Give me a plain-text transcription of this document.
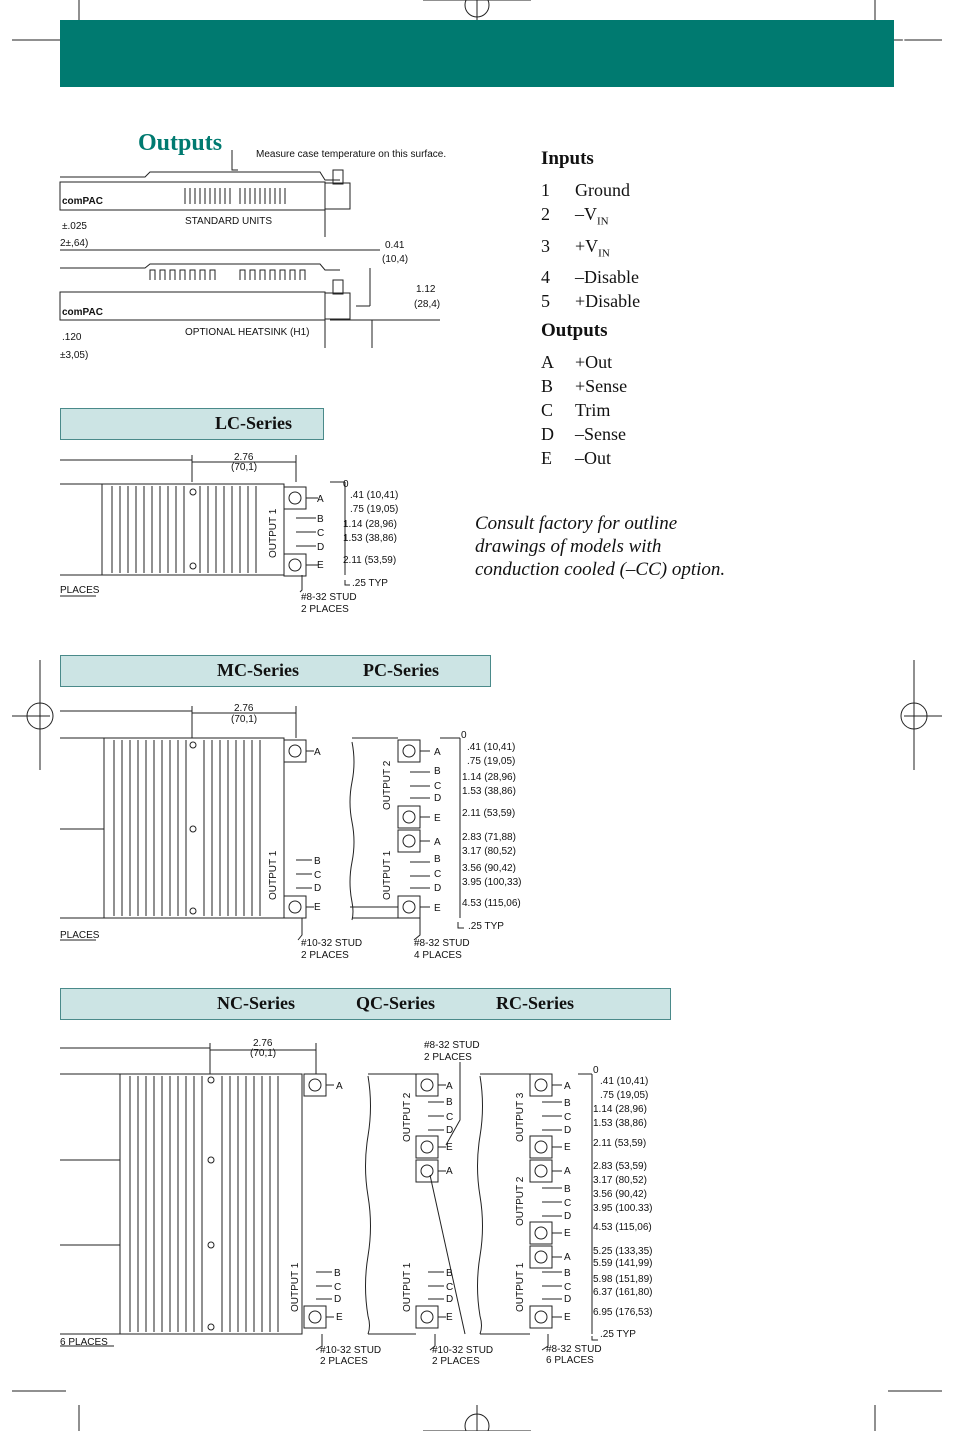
5
Outputs	Measure case temperature on this surface.
STANDARD UNITS
OPTIONAL HEATSINK (H1)
±.025
2±,64)	0.41
(10,4)
1.12
(28,4)
.120
±3,05)
comPAC
comPAC
Inputs
1 Ground
2 $-V_{IN}$
$3 +V_{IN}$
4 –Disable
5 +Disable
Outputs
A +Out
B +Sense
C Trim
D –Sense
E –Out
Consult factory for outline
drawings of models with
conduction cooled (–CC) option.
LC-Series
2.76
(70,1)
OUTPUT 1
A
B
C
D
E
0
.41 (10,41)
.75 (19,05)
1.14 (28,96)
1.53 (38,86)
2.11 (53,59)
.25 TYP
PLACES
#8-32 STUD
2 PLACES
MC-Series	PC-Series
2.76
(70,1)
OUTPUT 1	OUTPUT 1
OUTPUT 2
A
B
C
D
E
A
B
C
D
E
A
B
C
D
E
0
.41 (10,41)
.75 (19,05)
1.14 (28,96)
1.53 (38,86)
2.11 (53,59)
2.83 (71,88)
3.17 (80,52)
3.56 (90,42)
3.95 (100,33)
4.53 (115,06)
.25 TYP
PLACES
#10-32 STUD
2 PLACES
#8-32 STUD
4 PLACES
NC-Series	QC-Series	RC-Series
2.76
(70,1)
OUTPUT 1	OUTPUT 1
OUTPUT 2
OUTPUT 1
OUTPUT 2
OUTPUT 3
A
B
C
D
E
A
B
C
D
E
A
B
C
D
E
A
B
C
D
E
A
B
C
D
E
A
B
C
D
E
0
.41 (10,41)
.75 (19,05)
1.14 (28,96)
1.53 (38,86)
2.11 (53,59)
2.83 (53,59)
3.17 (80,52)
3.56 (90,42)
3.95 (100.33)
4.53 (115,06)
5.25 (133,35)
5.59 (141,99)
5.98 (151,89)
6.37 (161,80)
6.95 (176,53)
.25 TYP
6 PLACES
#8-32 STUD
2 PLACES
#10-32 STUD
2 PLACES
#10-32 STUD
2 PLACES
#8-32 STUD
6 PLACES
